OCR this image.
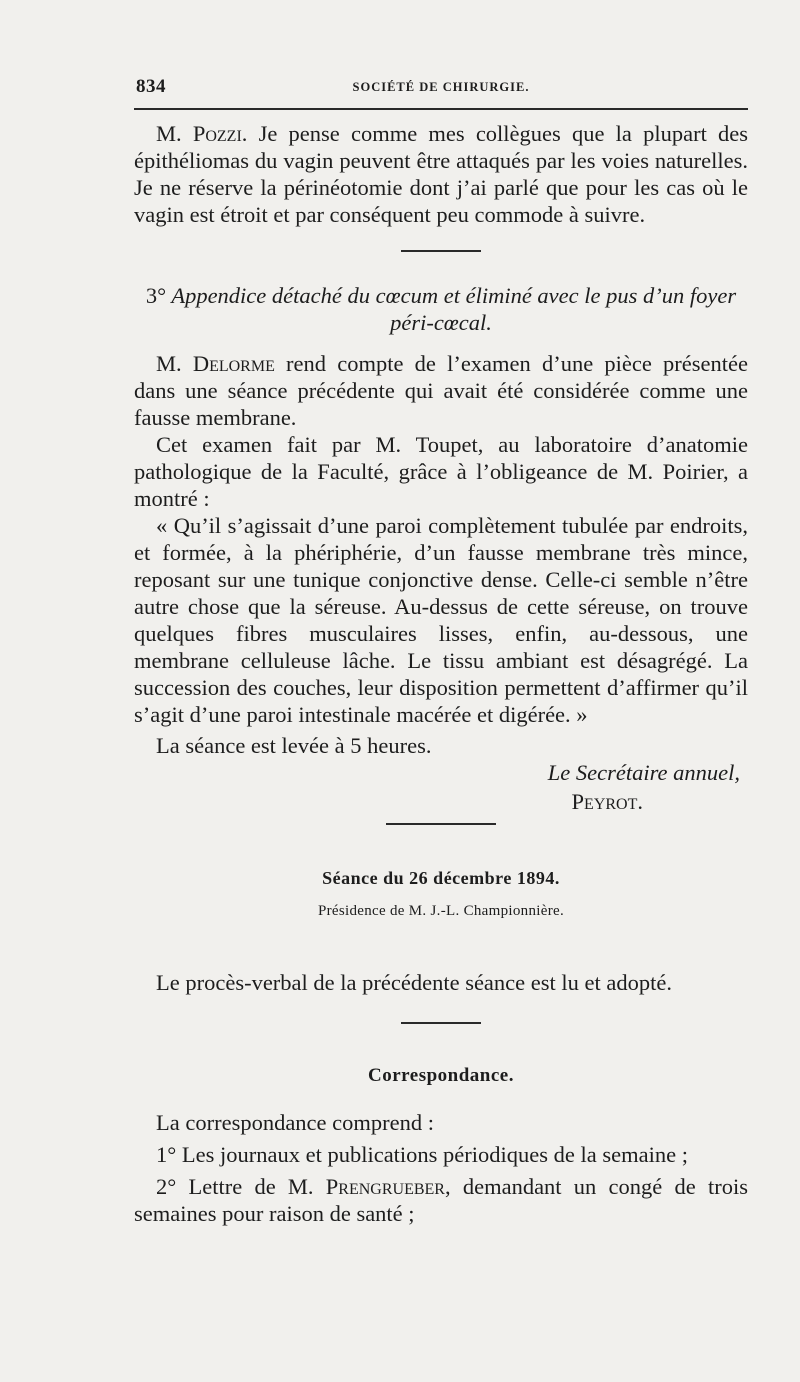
834	SOCIÉTÉ DE CHIRURGIE.

M. Pozzi. Je pense comme mes collègues que la plupart des épithéliomas du vagin peuvent être attaqués par les voies naturelles. Je ne réserve la périnéotomie dont j’ai parlé que pour les cas où le vagin est étroit et par conséquent peu commode à suivre.

3° Appendice détaché du cœcum et éliminé avec le pus d’un foyer
péri-cœcal.

M. Delorme rend compte de l’examen d’une pièce présentée dans une séance précédente qui avait été considérée comme une fausse membrane.

Cet examen fait par M. Toupet, au laboratoire d’anatomie pathologique de la Faculté, grâce à l’obligeance de M. Poirier, a montré :

« Qu’il s’agissait d’une paroi complètement tubulée par endroits, et formée, à la phériphérie, d’un fausse membrane très mince, reposant sur une tunique conjonctive dense. Celle-ci semble n’être autre chose que la séreuse. Au-dessus de cette séreuse, on trouve quelques fibres musculaires lisses, enfin, au-dessous, une membrane celluleuse lâche. Le tissu ambiant est désagrégé. La succession des couches, leur disposition permettent d’affirmer qu’il s’agit d’une paroi intestinale macérée et digérée. »

La séance est levée à 5 heures.

Le Secrétaire annuel,
Peyrot.
Séance du 26 décembre 1894.
Présidence de M. J.-L. Championnière.

Le procès-verbal de la précédente séance est lu et adopté.

Correspondance.

La correspondance comprend :

1° Les journaux et publications périodiques de la semaine ;

2° Lettre de M. Prengrueber, demandant un congé de trois semaines pour raison de santé ;
